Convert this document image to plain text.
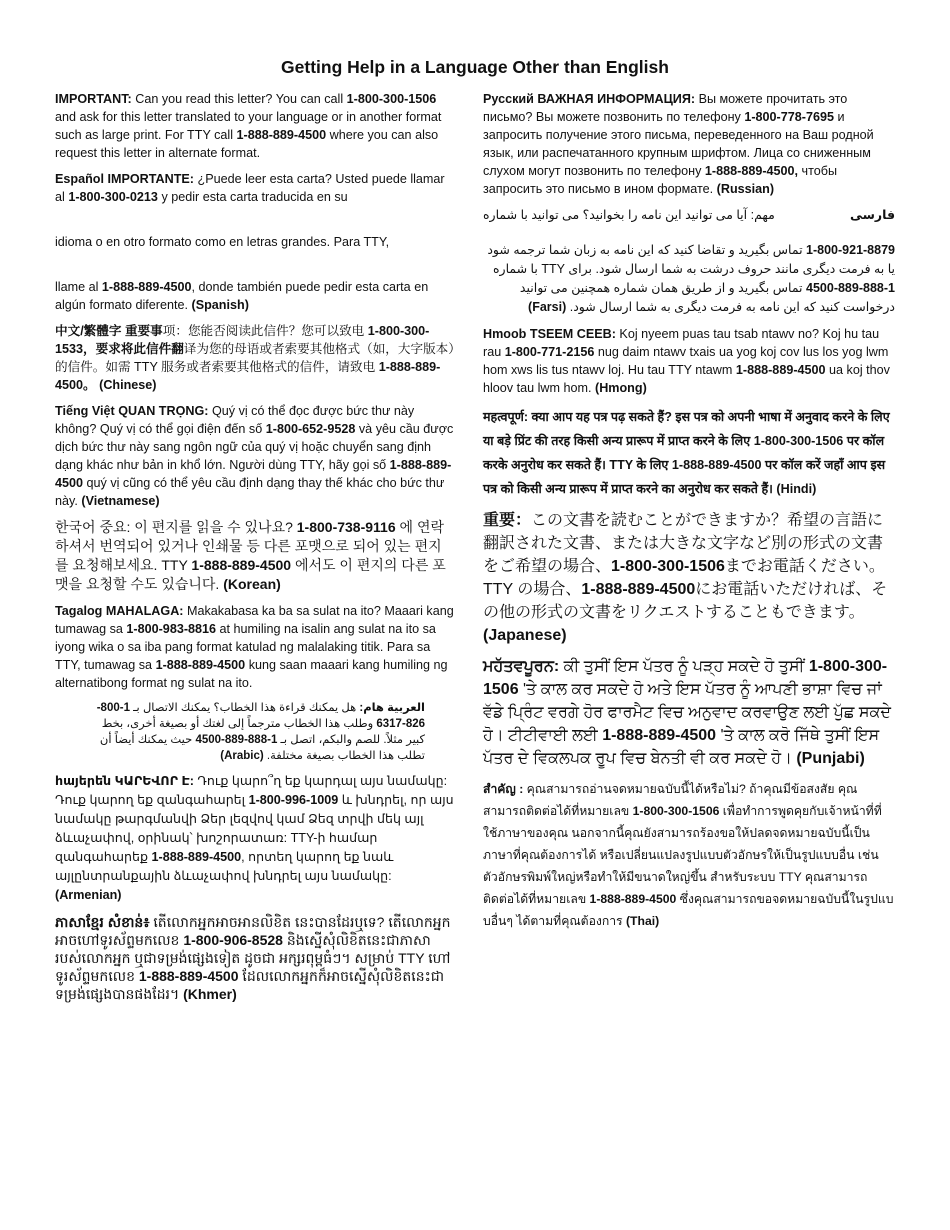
Getting Help in a Language Other than English
IMPORTANT: Can you read this letter? You can call 1-800-300-1506 and ask for this letter translated to your language or in another format such as large print. For TTY call 1-888-889-4500 where you can also request this letter in alternate format.
Español IMPORTANTE: ¿Puede leer esta carta? Usted puede llamar al 1-800-300-0213 y pedir esta carta traducida en su
idioma o en otro formato como en letras grandes. Para TTY,
llame al 1-888-889-4500, donde también puede pedir esta carta en algún formato diferente. (Spanish)
中文/繁體字 重要事项：您能否阅读此信件？您可以致电 1-800-300-1533，要求将此信件翻译为您的母语或者索要其他格式（如，大字版本）的信件。如需 TTY 服务或者索要其他格式的信件，请致电 1-888-889-4500。 (Chinese)
Tiếng Việt QUAN TRỌNG: Quý vị có thể đọc được bức thư này không? Quý vị có thể gọi điện đến số 1-800-652-9528 và yêu cầu được dịch bức thư này sang ngôn ngữ của quý vị hoặc chuyển sang định dạng khác như bản in khổ lớn. Người dùng TTY, hãy gọi số 1-888-889-4500 quý vị cũng có thể yêu cầu định dạng thay thế khác cho bức thư này. (Vietnamese)
한국어 중요: 이 편지를 읽을 수 있나요? 1-800-738-9116 에 연락하셔서 번역되어 있거나 인쇄물 등 다른 포맷으로 되어 있는 편지를 요청해보세요. TTY 1-888-889-4500 에서도 이 편지의 다른 포맷을 요청할 수도 있습니다. (Korean)
Tagalog MAHALAGA: Makakabasa ka ba sa sulat na ito? Maaari kang tumawag sa 1-800-983-8816 at humiling na isalin ang sulat na ito sa iyong wika o sa iba pang format katulad ng malalaking titik. Para sa TTY, tumawag sa 1-888-889-4500 kung saan maaari kang humiling ng alternatibong format ng sulat na ito.
العربية هام: هل يمكنك قراءة هذا الخطاب؟ يمكنك الاتصال بـ 1-800-826-6317 وطلب هذا الخطاب مترجماً إلى لغتك أو بصيغة أخرى، بخط كبير مثلاً. للصم والبكم، اتصل بـ 1-888-889-4500 حيث يمكنك أيضاً أن تطلب هذا الخطاب بصيغة مختلفة. (Arabic)
հայերեն ԿԱՐԵՎՈՐ Է: Դուք կարո՞ղ եք կարդալ այս նամակը: Դուք կարող եք զանգահարել 1-800-996-1009 և խնդրել, որ այս նամակը թարգմանվի Ձեր լեզվով կամ Ձեզ տրվի մեկ այլ ձևաչափով, օրինակ՝ խոշորատառ: TTY-ի համար զանգահարեք 1-888-889-4500, որտեղ կարող եք նաև այլընտրանքային ձևաչափով խնդրել այս նամակը: (Armenian)
ភាសាខ្មែរ សំខាន់៖ តើលោកអ្នកអាចអានលិខិត នេះបានដែរឬទេ? តើលោកអ្នក អាចហៅទូរស័ព្ទមកលេខ 1-800-906-8528 និងស្នើសុំលិខិតនេះជាភាសារបស់លោកអ្នក ឬជាទម្រង់ផ្សេងទៀត ដូចជា អក្សរពុម្ពធំៗ។ សម្រាប់ TTY ហៅទូរស័ព្ទមកលេខ 1-888-889-4500 ដែលលោកអ្នកក៏អាចស្នើសុំលិខិតនេះជាទម្រង់ផ្សេងបានផងដែរ។ (Khmer)
Русский ВАЖНАЯ ИНФОРМАЦИЯ: Вы можете прочитать это письмо? Вы можете позвонить по телефону 1-800-778-7695 и запросить получение этого письма, переведенного на Ваш родной язык, или распечатанного крупным шрифтом. Лица со сниженным слухом могут позвонить по телефону 1-888-889-4500, чтобы запросить это письмо в ином формате. (Russian)
فارسی
مهم: آیا می توانید این نامه را بخوانید؟ می توانید با شماره
1-800-921-8879 تماس بگیرید و تقاضا کنید که این نامه به زبان شما ترجمه شود یا به فرمت دیگری مانند حروف درشت به شما ارسال شود. برای TTY با شماره 1-888-889-4500 تماس بگیرید و از طریق همان شماره همچنین می توانید درخواست کنید که این نامه به فرمت دیگری به شما ارسال شود. (Farsi)
Hmoob TSEEM CEEB: Koj nyeem puas tau tsab ntawv no? Koj hu tau rau 1-800-771-2156 nug daim ntawv txais ua yog koj cov lus los yog lwm hom xws lis tus ntawv loj. Hu tau TTY ntawm 1-888-889-4500 ua koj thov hloov tau lwm hom. (Hmong)
महत्वपूर्ण: क्या आप यह पत्र पढ़ सकते हैं? इस पत्र को अपनी भाषा में अनुवाद करने के लिए या बड़े प्रिंट की तरह किसी अन्य प्रारूप में प्राप्त करने के लिए 1-800-300-1506 पर कॉल करके अनुरोध कर सकते हैं। TTY के लिए 1-888-889-4500 पर कॉल करें जहाँ आप इस पत्र को किसी अन्य प्रारूप में प्राप्त करने का अनुरोध कर सकते हैं। (Hindi)
重要：この文書を読むことができますか？希望の言語に翻訳された文書、または大きな文字など別の形式の文書をご希望の場合、1-800-300-1506までお電話ください。TTY の場合、1-888-889-4500にお電話いただければ、その他の形式の文書をリクエストすることもできます。(Japanese)
ਮਹੱਤਵਪੂਰਨ: ਕੀ ਤੁਸੀਂ ਇਸ ਪੱਤਰ ਨੂੰ ਪੜ੍ਹ ਸਕਦੇ ਹੋ ਤੁਸੀਂ 1-800-300-1506 'ਤੇ ਕਾਲ ਕਰ ਸਕਦੇ ਹੋ ਅਤੇ ਇਸ ਪੱਤਰ ਨੂੰ ਆਪਣੀ ਭਾਸ਼ਾ ਵਿਚ ਜਾਂ ਵੱਡੇ ਪ੍ਰਿੰਟ ਵਰਗੇ ਹੋਰ ਫਾਰਮੈਟ ਵਿਚ ਅਨੁਵਾਦ ਕਰਵਾਉਣ ਲਈ ਪੁੱਛ ਸਕਦੇ ਹੋ। ਟੀਟੀਵਾਈ ਲਈ 1-888-889-4500 'ਤੇ ਕਾਲ ਕਰੋ ਜਿੱਥੇ ਤੁਸੀਂ ਇਸ ਪੱਤਰ ਦੇ ਵਿਕਲਪਕ ਰੂਪ ਵਿਚ ਬੇਨਤੀ ਵੀ ਕਰ ਸਕਦੇ ਹੋ। (Punjabi)
สำคัญ : คุณสามารถอ่านจดหมายฉบับนี้ได้หรือไม่? ถ้าคุณมีข้อสงสัย คุณสามารถติดต่อได้ที่หมายเลข 1-800-300-1506 เพื่อทำการพูดคุยกับเจ้าหน้าที่ที่ใช้ภาษาของคุณ นอกจากนี้คุณยังสามารถร้องขอให้ปลดจดหมายฉบับนี้เป็นภาษาที่คุณต้องการได้ หรือเปลี่ยนแปลงรูปแบบตัวอักษรให้เป็นรูปแบบอื่น เช่น ตัวอักษรพิมพ์ใหญ่หรือทำให้มีขนาดใหญ่ขึ้น สำหรับระบบ TTY คุณสามารถติดต่อได้ที่หมายเลข 1-888-889-4500 ซึ่งคุณสามารถขอจดหมายฉบับนี้ในรูปแบบอื่นๆ ได้ตามที่คุณต้องการ (Thai)
